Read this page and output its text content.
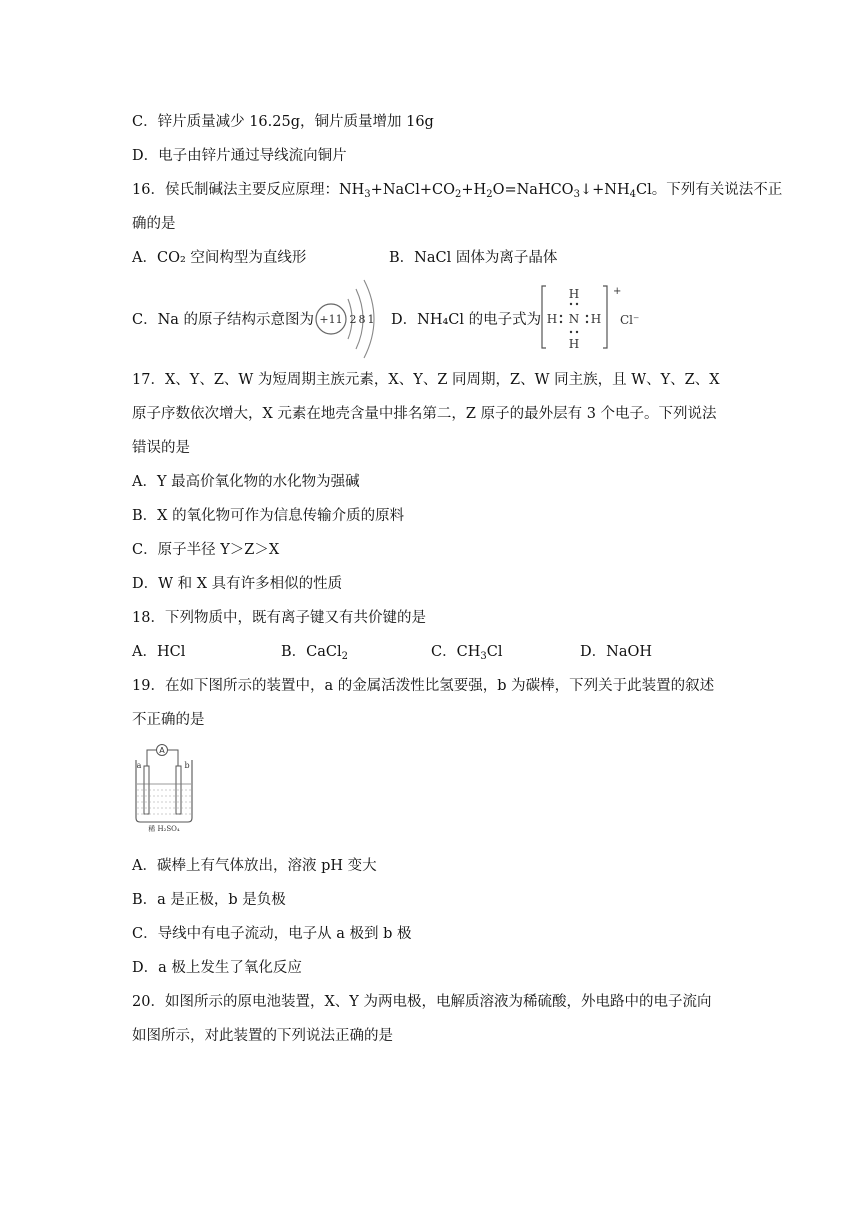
C．锌片质量减少 16.25g，铜片质量增加 16g
D．电子由锌片通过导线流向铜片
16．侯氏制碱法主要反应原理：$NH_3+NaCl+CO_2+H_2O=NaHCO_3↓+NH_4Cl$。下列有关说法不正
确的是
A．CO₂ 空间构型为直线形	B．NaCl 固体为离子晶体
C．Na 的原子结构示意图为 +11 2 8 1 D．NH₄Cl 的电子式为
H
H N H
H
+
Cl⁻
17．X、Y、Z、W 为短周期主族元素，X、Y、Z 同周期，Z、W 同主族，且 W、Y、Z、X
原子序数依次增大，X 元素在地壳含量中排名第二，Z 原子的最外层有 3 个电子。下列说法
错误的是
A．Y 最高价氧化物的水化物为强碱
B．X 的氧化物可作为信息传输介质的原料
C．原子半径 Y＞Z＞X
D．W 和 X 具有许多相似的性质
18．下列物质中，既有离子键又有共价键的是
A．HCl	B．CaCl$_2$	C．$CH_3Cl$	D．NaOH
19．在如下图所示的装置中，a 的金属活泼性比氢要强，b 为碳棒，下列关于此装置的叙述
不正确的是
A
a	b
稀 H₂SO₄
A．碳棒上有气体放出，溶液 pH 变大
B．a 是正极，b 是负极
C．导线中有电子流动，电子从 a 极到 b 极
D．a 极上发生了氧化反应
20．如图所示的原电池装置，X、Y 为两电极，电解质溶液为稀硫酸，外电路中的电子流向
如图所示，对此装置的下列说法正确的是
